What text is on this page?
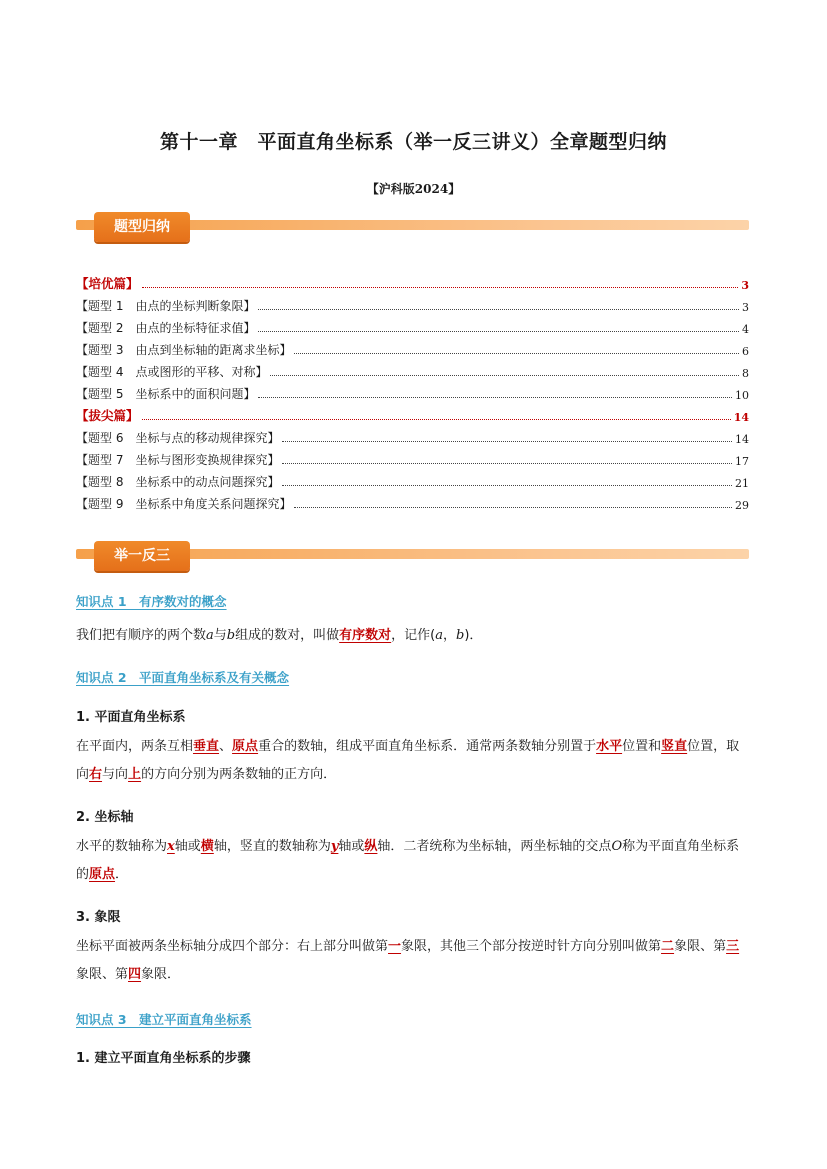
第十一章　平面直角坐标系（举一反三讲义）全章题型归纳
【沪科版2024】
题型归纳
【培优篇】	3
【题型 1　由点的坐标判断象限】	3
【题型 2　由点的坐标特征求值】	4
【题型 3　由点到坐标轴的距离求坐标】	6
【题型 4　点或图形的平移、对称】	8
【题型 5　坐标系中的面积问题】	10
【拔尖篇】	14
【题型 6　坐标与点的移动规律探究】	14
【题型 7　坐标与图形变换规律探究】	17
【题型 8　坐标系中的动点问题探究】	21
【题型 9　坐标系中角度关系问题探究】	29
举一反三
知识点 1　有序数对的概念
我们把有顺序的两个数a与b组成的数对，叫做有序数对，记作(a，b)．
知识点 2　平面直角坐标系及有关概念
1. 平面直角坐标系
在平面内，两条互相垂直、原点重合的数轴，组成平面直角坐标系．通常两条数轴分别置于水平位置和竖直位置，取向右与向上的方向分别为两条数轴的正方向．
2. 坐标轴
水平的数轴称为x轴或横轴，竖直的数轴称为y轴或纵轴．二者统称为坐标轴，两坐标轴的交点O称为平面直角坐标系的原点．
3. 象限
坐标平面被两条坐标轴分成四个部分：右上部分叫做第一象限，其他三个部分按逆时针方向分别叫做第二象限、第三象限、第四象限．
知识点 3　建立平面直角坐标系
1. 建立平面直角坐标系的步骤
